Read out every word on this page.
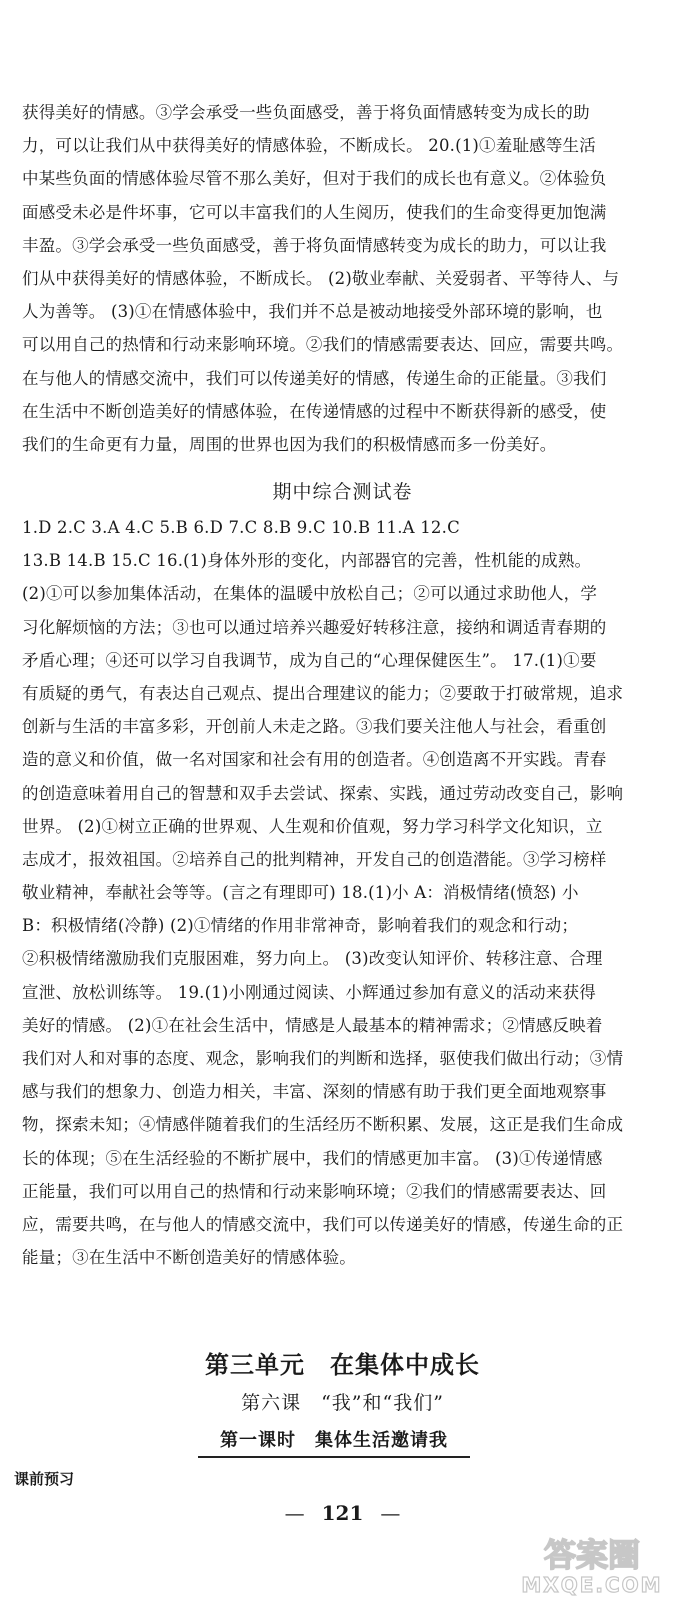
获得美好的情感。③学会承受一些负面感受，善于将负面情感转变为成长的助
力，可以让我们从中获得美好的情感体验，不断成长。 20.(1)①羞耻感等生活
中某些负面的情感体验尽管不那么美好，但对于我们的成长也有意义。②体验负
面感受未必是件坏事，它可以丰富我们的人生阅历，使我们的生命变得更加饱满
丰盈。③学会承受一些负面感受，善于将负面情感转变为成长的助力，可以让我
们从中获得美好的情感体验，不断成长。 (2)敬业奉献、关爱弱者、平等待人、与
人为善等。 (3)①在情感体验中，我们并不总是被动地接受外部环境的影响，也
可以用自己的热情和行动来影响环境。②我们的情感需要表达、回应，需要共鸣。
在与他人的情感交流中，我们可以传递美好的情感，传递生命的正能量。③我们
在生活中不断创造美好的情感体验，在传递情感的过程中不断获得新的感受，使
我们的生命更有力量，周围的世界也因为我们的积极情感而多一份美好。
期中综合测试卷
1.D 2.C 3.A 4.C 5.B 6.D 7.C 8.B 9.C 10.B 11.A 12.C
13.B 14.B 15.C 16.(1)身体外形的变化，内部器官的完善，性机能的成熟。
(2)①可以参加集体活动，在集体的温暖中放松自己；②可以通过求助他人，学
习化解烦恼的方法；③也可以通过培养兴趣爱好转移注意，接纳和调适青春期的
矛盾心理；④还可以学习自我调节，成为自己的“心理保健医生”。 17.(1)①要
有质疑的勇气，有表达自己观点、提出合理建议的能力；②要敢于打破常规，追求
创新与生活的丰富多彩，开创前人未走之路。③我们要关注他人与社会，看重创
造的意义和价值，做一名对国家和社会有用的创造者。④创造离不开实践。青春
的创造意味着用自己的智慧和双手去尝试、探索、实践，通过劳动改变自己，影响
世界。 (2)①树立正确的世界观、人生观和价值观，努力学习科学文化知识，立
志成才，报效祖国。②培养自己的批判精神，开发自己的创造潜能。③学习榜样
敬业精神，奉献社会等等。(言之有理即可) 18.(1)小 A：消极情绪(愤怒) 小
B：积极情绪(冷静) (2)①情绪的作用非常神奇，影响着我们的观念和行动；
②积极情绪激励我们克服困难，努力向上。 (3)改变认知评价、转移注意、合理
宣泄、放松训练等。 19.(1)小刚通过阅读、小辉通过参加有意义的活动来获得
美好的情感。 (2)①在社会生活中，情感是人最基本的精神需求；②情感反映着
我们对人和对事的态度、观念，影响我们的判断和选择，驱使我们做出行动；③情
感与我们的想象力、创造力相关，丰富、深刻的情感有助于我们更全面地观察事
物，探索未知；④情感伴随着我们的生活经历不断积累、发展，这正是我们生命成
长的体现；⑤在生活经验的不断扩展中，我们的情感更加丰富。 (3)①传递情感
正能量，我们可以用自己的热情和行动来影响环境；②我们的情感需要表达、回
应，需要共鸣，在与他人的情感交流中，我们可以传递美好的情感，传递生命的正
能量；③在生活中不断创造美好的情感体验。
第三单元　在集体中成长
第六课　“我”和“我们”
第一课时　集体生活邀请我
课前预习
— 121 —
答案圈
MXQE.COM
